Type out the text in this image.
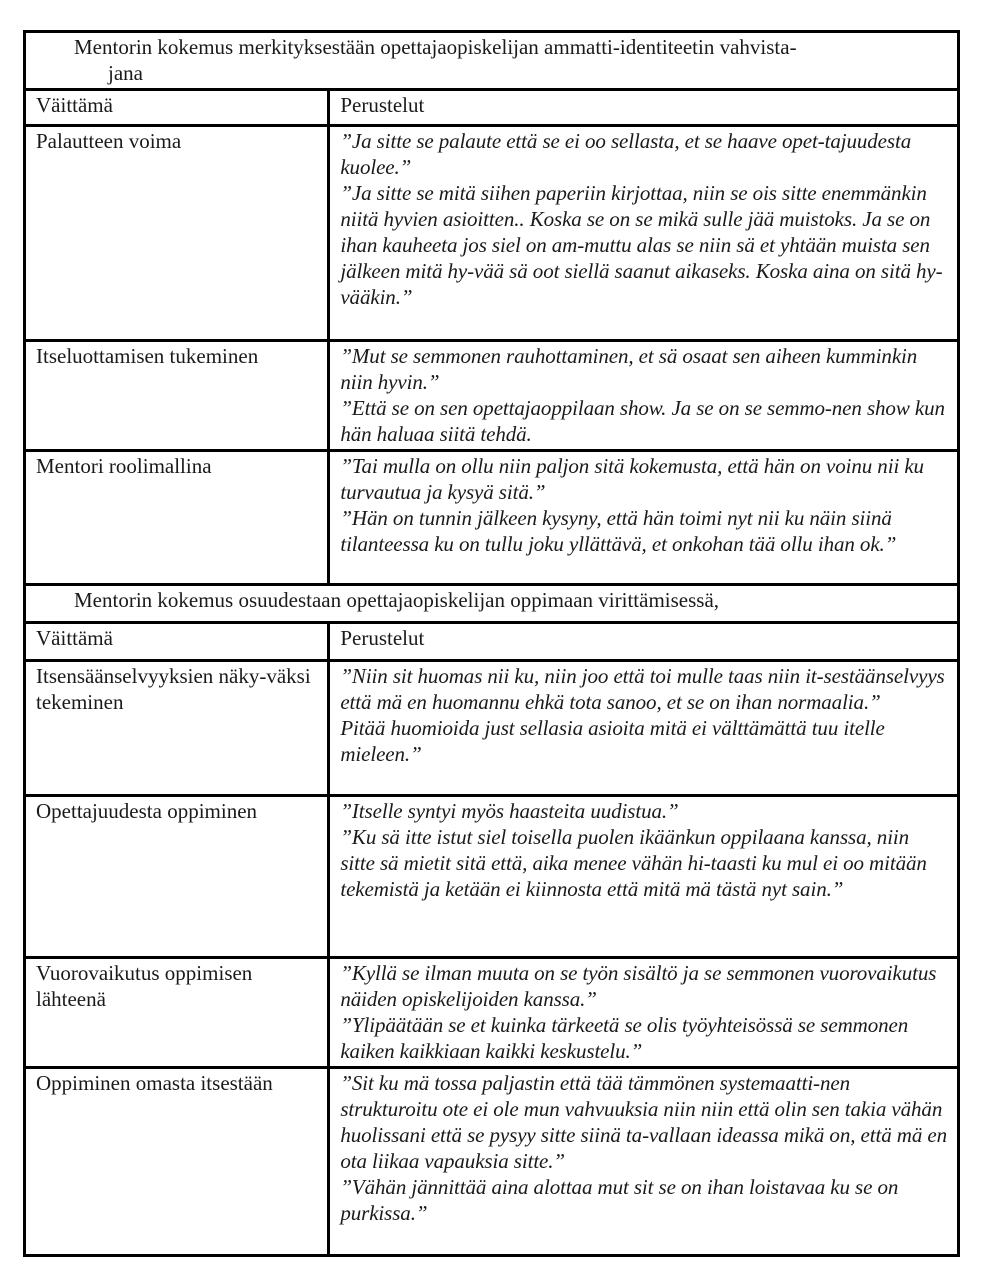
Mentorin kokemus merkityksestään opettajaopiskelijan ammatti-identiteetin vahvista-
jana	

Väittämä	Perustelut
Palautteen voima	”Ja sitte se palaute että se ei oo sellasta, et se haave opet-tajuudesta kuolee.”
”Ja sitte se mitä siihen paperiin kirjottaa, niin se ois sitte enemmänkin niitä hyvien asioitten.. Koska se on se mikä sulle jää muistoks. Ja se on ihan kauheeta jos siel on am-muttu alas se niin sä et yhtään muista sen jälkeen mitä hy-vää sä oot siellä saanut aikaseks. Koska aina on sitä hy-vääkin.”

Itseluottamisen tukeminen	”Mut se semmonen rauhottaminen, et sä osaat sen aiheen kumminkin niin hyvin.”
”Että se on sen opettajaoppilaan show. Ja se on se semmo-nen show kun hän haluaa siitä tehdä.

Mentori roolimallina	”Tai mulla on ollu niin paljon sitä kokemusta, että hän on voinu nii ku turvautua ja kysyä sitä.”
”Hän on tunnin jälkeen kysyny, että hän toimi nyt nii ku näin siinä tilanteessa ku on tullu joku yllättävä, et onkohan tää ollu ihan ok.”

Mentorin kokemus osuudestaan opettajaopiskelijan oppimaan virittämisessä,	

Väittämä	Perustelut
Itsensäänselvyyksien näky-väksi tekeminen	”Niin sit huomas nii ku, niin joo että toi mulle taas niin it-sestäänselvyys että mä en huomannu ehkä tota sanoo, et se on ihan normaalia.”
Pitää huomioida just sellasia asioita mitä ei välttämättä tuu itelle mieleen.”

Opettajuudesta oppiminen	”Itselle syntyi myös haasteita uudistua.”
”Ku sä itte istut siel toisella puolen ikäänkun oppilaana kanssa, niin sitte sä mietit sitä että, aika menee vähän hi-taasti ku mul ei oo mitään tekemistä ja ketään ei kiinnosta että mitä mä tästä nyt sain.”

Vuorovaikutus oppimisen lähteenä	”Kyllä se ilman muuta on se työn sisältö ja se semmonen vuorovaikutus näiden opiskelijoiden kanssa.”
”Ylipäätään se et kuinka tärkeetä se olis työyhteisössä se semmonen kaiken kaikkiaan kaikki keskustelu.”

Oppiminen omasta itsestään	”Sit ku mä tossa paljastin että tää tämmönen systemaatti-nen strukturoitu ote ei ole mun vahvuuksia niin niin että olin sen takia vähän huolissani että se pysyy sitte siinä ta-vallaan ideassa mikä on, että mä en ota liikaa vapauksia sitte.”
”Vähän jännittää aina alottaa mut sit se on ihan loistavaa ku se on purkissa.”
